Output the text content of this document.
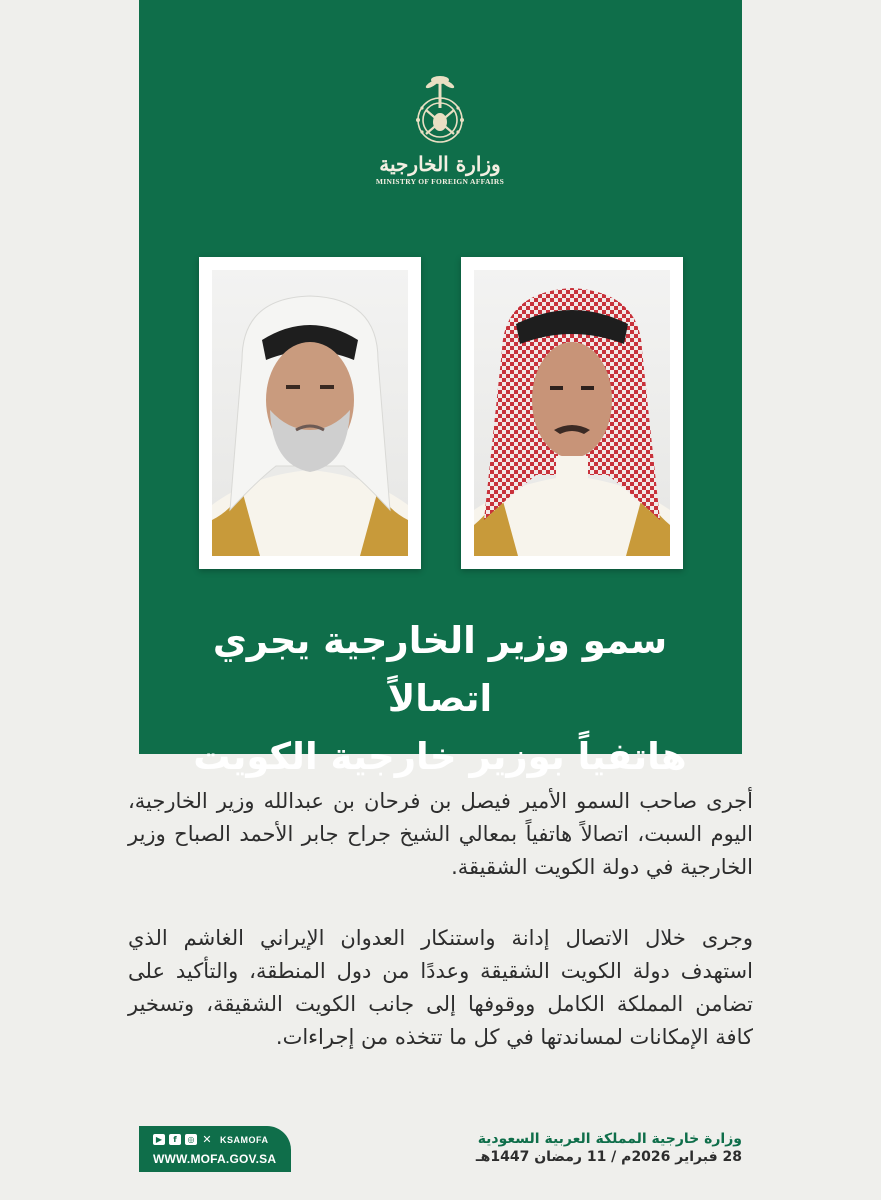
وزارة الخارجية
MINISTRY OF FOREIGN AFFAIRS
سمو وزير الخارجية يجري اتصالاً
هاتفياً بوزير خارجية الكويت

أجرى صاحب السمو الأمير فيصل بن فرحان بن عبدالله وزير الخارجية، اليوم السبت، اتصالاً هاتفياً بمعالي الشيخ جراح جابر الأحمد الصباح وزير الخارجية في دولة الكويت الشقيقة.

وجرى خلال الاتصال إدانة واستنكار العدوان الإيراني الغاشم الذي استهدف دولة الكويت الشقيقة وعددًا من دول المنطقة، والتأكيد على تضامن المملكة الكامل ووقوفها إلى جانب الكويت الشقيقة، وتسخير كافة الإمكانات لمساندتها في كل ما تتخذه من إجراءات.

▶	f	◎ ✕ KSAMOFA
WWW.MOFA.GOV.SA
وزارة خارجية المملكة العربية السعودية
28 فبراير 2026م / 11 رمضان 1447هـ
